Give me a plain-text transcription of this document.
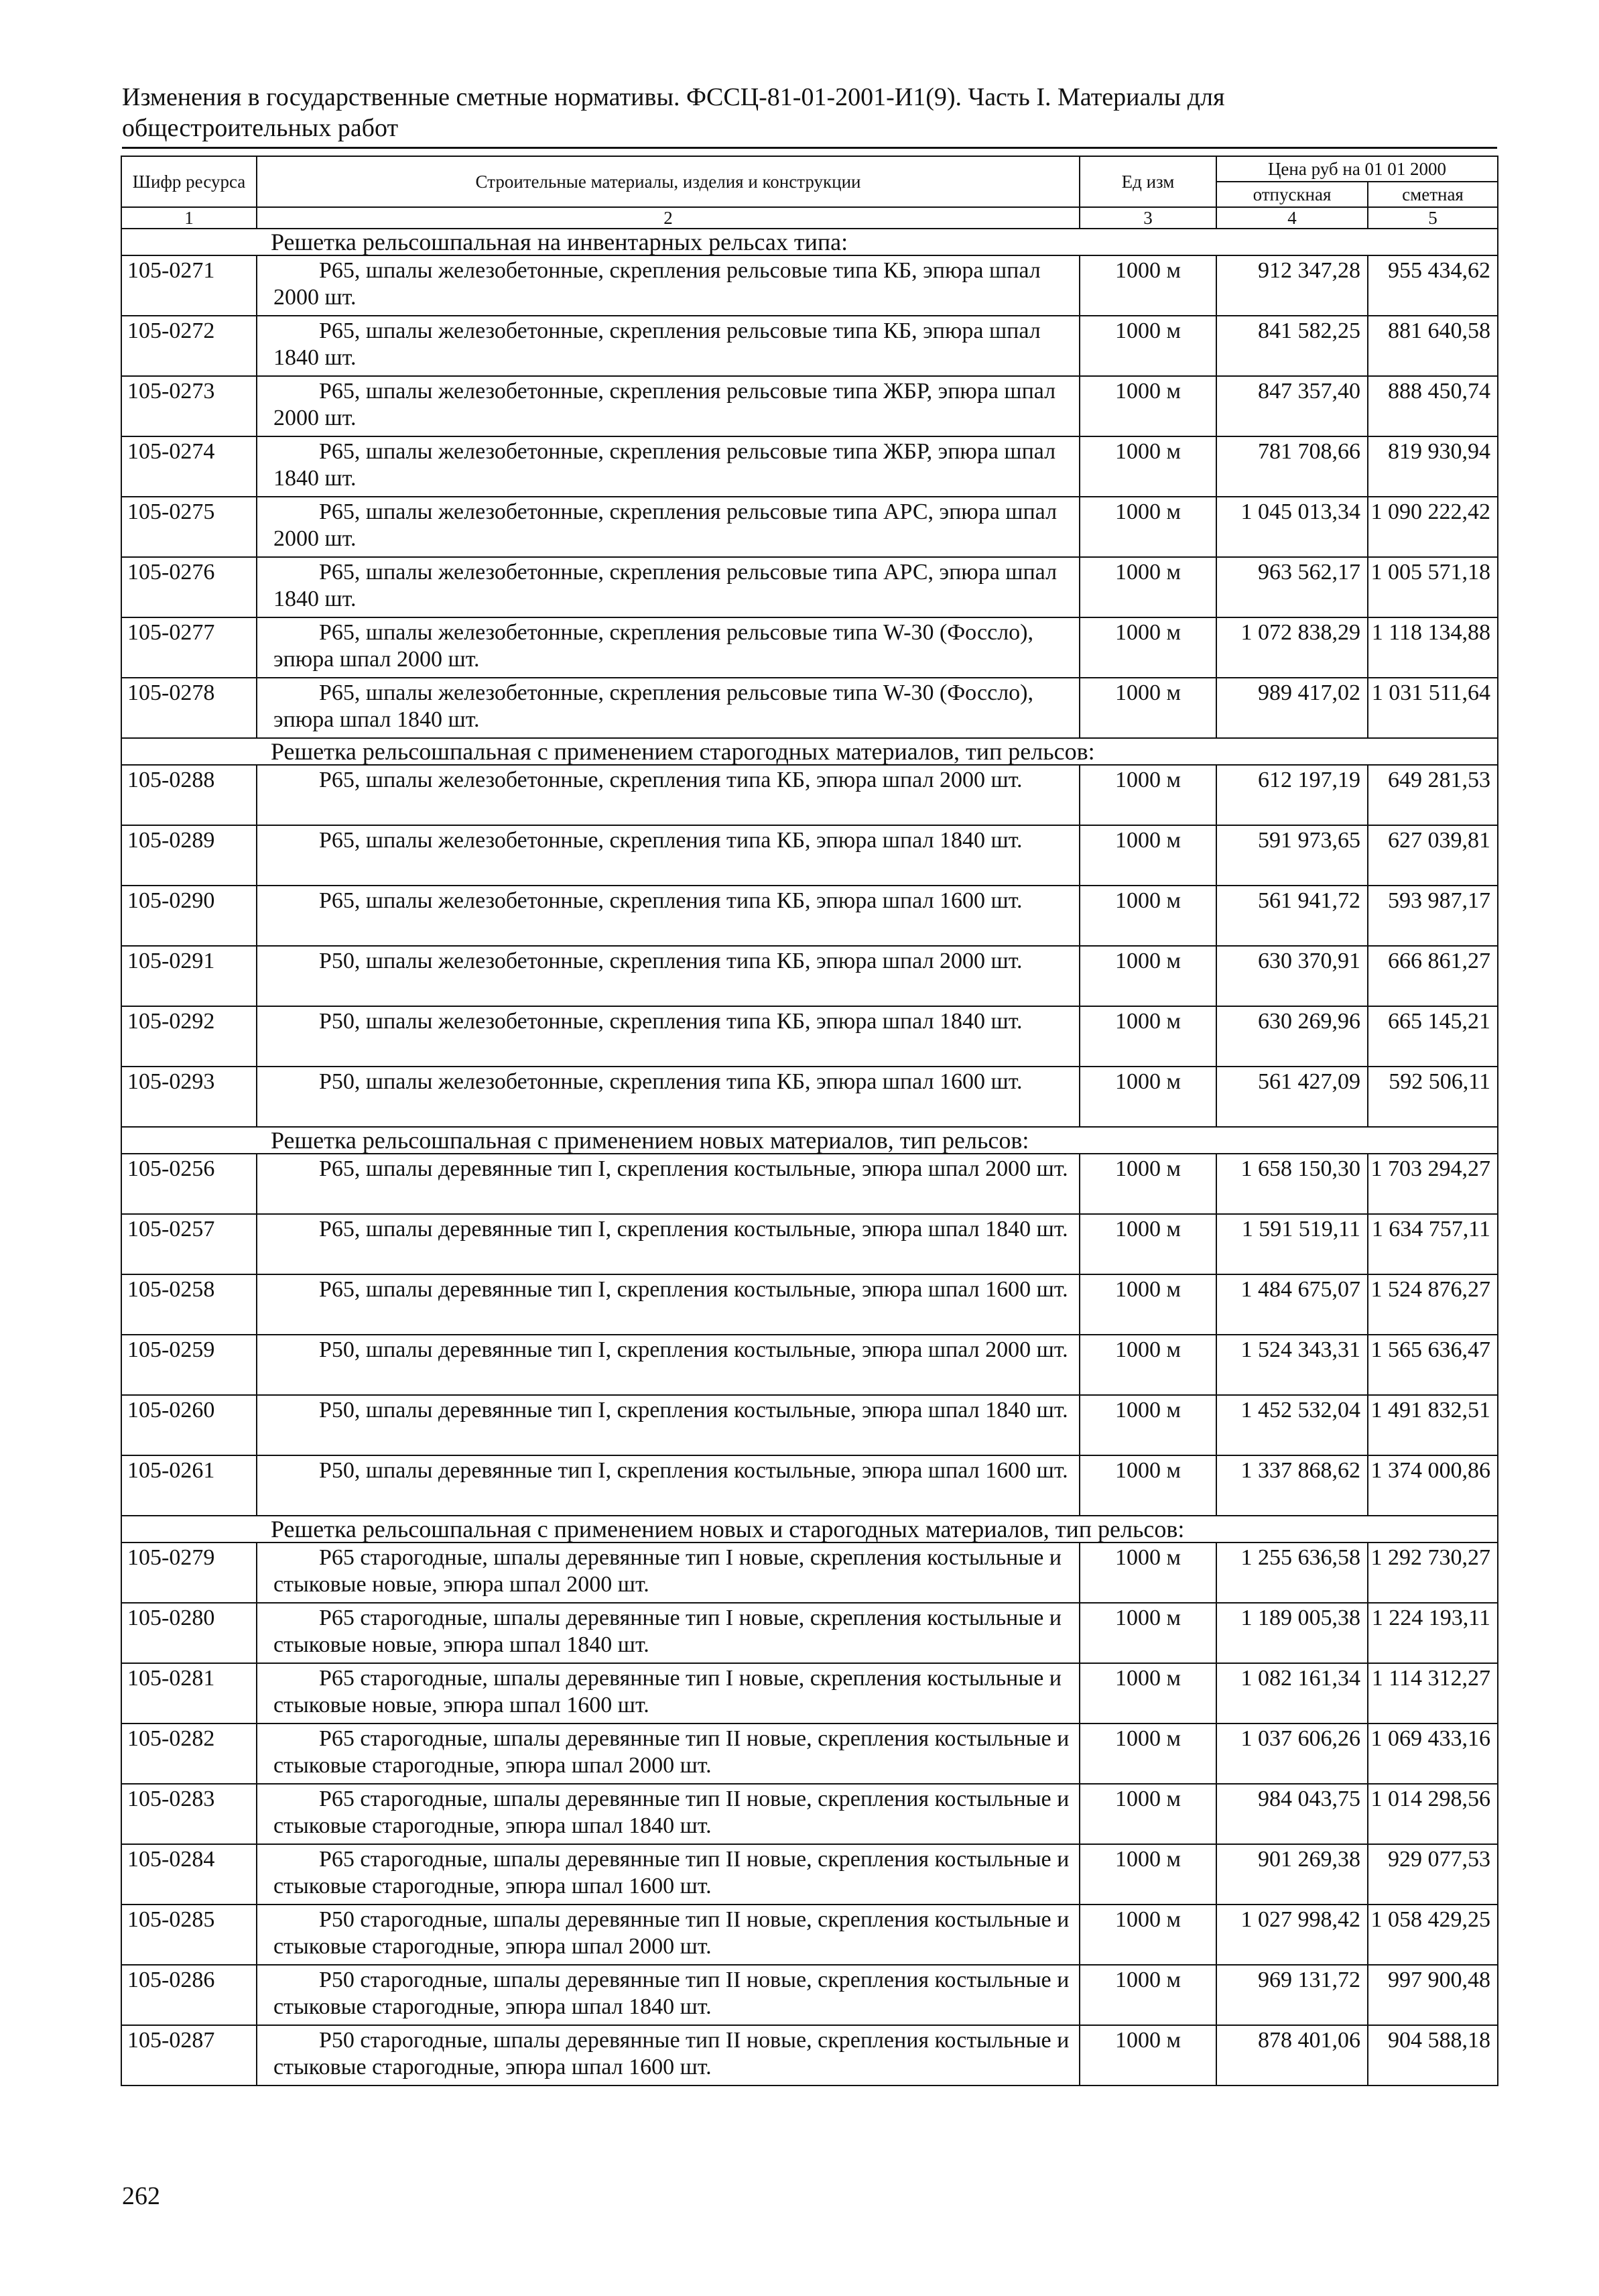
Изменения в государственные сметные нормативы. ФССЦ-81-01-2001-И1(9). Часть I. Материалы для
общестроительных работ
Шифр ресурса	Строительные материалы, изделия и конструкции	Ед изм	Цена руб на 01 01 2000	
			отпускная	сметная
1	2	3	4	5
Решетка рельсошпальная на инвентарных рельсах типа:				
105-0271	Р65, шпалы железобетонные, скрепления рельсовые типа КБ, эпюра шпал 2000 шт.	1000 м	912 347,28	955 434,62
105-0272	Р65, шпалы железобетонные, скрепления рельсовые типа КБ, эпюра шпал 1840 шт.	1000 м	841 582,25	881 640,58
105-0273	Р65, шпалы железобетонные, скрепления рельсовые типа ЖБР, эпюра шпал 2000 шт.	1000 м	847 357,40	888 450,74
105-0274	Р65, шпалы железобетонные, скрепления рельсовые типа ЖБР, эпюра шпал 1840 шт.	1000 м	781 708,66	819 930,94
105-0275	Р65, шпалы железобетонные, скрепления рельсовые типа АРС, эпюра шпал 2000 шт.	1000 м	1 045 013,34	1 090 222,42
105-0276	Р65, шпалы железобетонные, скрепления рельсовые типа АРС, эпюра шпал 1840 шт.	1000 м	963 562,17	1 005 571,18
105-0277	Р65, шпалы железобетонные, скрепления рельсовые типа W-30 (Фоссло), эпюра шпал 2000 шт.	1000 м	1 072 838,29	1 118 134,88
105-0278	Р65, шпалы железобетонные, скрепления рельсовые типа W-30 (Фоссло), эпюра шпал 1840 шт.	1000 м	989 417,02	1 031 511,64
Решетка рельсошпальная с применением старогодных материалов, тип рельсов:				
105-0288	Р65, шпалы железобетонные, скрепления типа КБ, эпюра шпал 2000 шт.	1000 м	612 197,19	649 281,53
105-0289	Р65, шпалы железобетонные, скрепления типа КБ, эпюра шпал 1840 шт.	1000 м	591 973,65	627 039,81
105-0290	Р65, шпалы железобетонные, скрепления типа КБ, эпюра шпал 1600 шт.	1000 м	561 941,72	593 987,17
105-0291	Р50, шпалы железобетонные, скрепления типа КБ, эпюра шпал 2000 шт.	1000 м	630 370,91	666 861,27
105-0292	Р50, шпалы железобетонные, скрепления типа КБ, эпюра шпал 1840 шт.	1000 м	630 269,96	665 145,21
105-0293	Р50, шпалы железобетонные, скрепления типа КБ, эпюра шпал 1600 шт.	1000 м	561 427,09	592 506,11
Решетка рельсошпальная с применением новых материалов, тип рельсов:				
105-0256	Р65, шпалы деревянные тип I, скрепления костыльные, эпюра шпал 2000 шт.	1000 м	1 658 150,30	1 703 294,27
105-0257	Р65, шпалы деревянные тип I, скрепления костыльные, эпюра шпал 1840 шт.	1000 м	1 591 519,11	1 634 757,11
105-0258	Р65, шпалы деревянные тип I, скрепления костыльные, эпюра шпал 1600 шт.	1000 м	1 484 675,07	1 524 876,27
105-0259	Р50, шпалы деревянные тип I, скрепления костыльные, эпюра шпал 2000 шт.	1000 м	1 524 343,31	1 565 636,47
105-0260	Р50, шпалы деревянные тип I, скрепления костыльные, эпюра шпал 1840 шт.	1000 м	1 452 532,04	1 491 832,51
105-0261	Р50, шпалы деревянные тип I, скрепления костыльные, эпюра шпал 1600 шт.	1000 м	1 337 868,62	1 374 000,86
Решетка рельсошпальная с применением новых и старогодных материалов, тип рельсов:				
105-0279	Р65 старогодные, шпалы деревянные тип I новые, скрепления костыльные и стыковые новые, эпюра шпал 2000 шт.	1000 м	1 255 636,58	1 292 730,27
105-0280	Р65 старогодные, шпалы деревянные тип I новые, скрепления костыльные и стыковые новые, эпюра шпал 1840 шт.	1000 м	1 189 005,38	1 224 193,11
105-0281	Р65 старогодные, шпалы деревянные тип I новые, скрепления костыльные и стыковые новые, эпюра шпал 1600 шт.	1000 м	1 082 161,34	1 114 312,27
105-0282	Р65 старогодные, шпалы деревянные тип II новые, скрепления костыльные и стыковые старогодные, эпюра шпал 2000 шт.	1000 м	1 037 606,26	1 069 433,16
105-0283	Р65 старогодные, шпалы деревянные тип II новые, скрепления костыльные и стыковые старогодные, эпюра шпал 1840 шт.	1000 м	984 043,75	1 014 298,56
105-0284	Р65 старогодные, шпалы деревянные тип II новые, скрепления костыльные и стыковые старогодные, эпюра шпал 1600 шт.	1000 м	901 269,38	929 077,53
105-0285	Р50 старогодные, шпалы деревянные тип II новые, скрепления костыльные и стыковые старогодные, эпюра шпал 2000 шт.	1000 м	1 027 998,42	1 058 429,25
105-0286	Р50 старогодные, шпалы деревянные тип II новые, скрепления костыльные и стыковые старогодные, эпюра шпал 1840 шт.	1000 м	969 131,72	997 900,48
105-0287	Р50 старогодные, шпалы деревянные тип II новые, скрепления костыльные и стыковые старогодные, эпюра шпал 1600 шт.	1000 м	878 401,06	904 588,18
262
